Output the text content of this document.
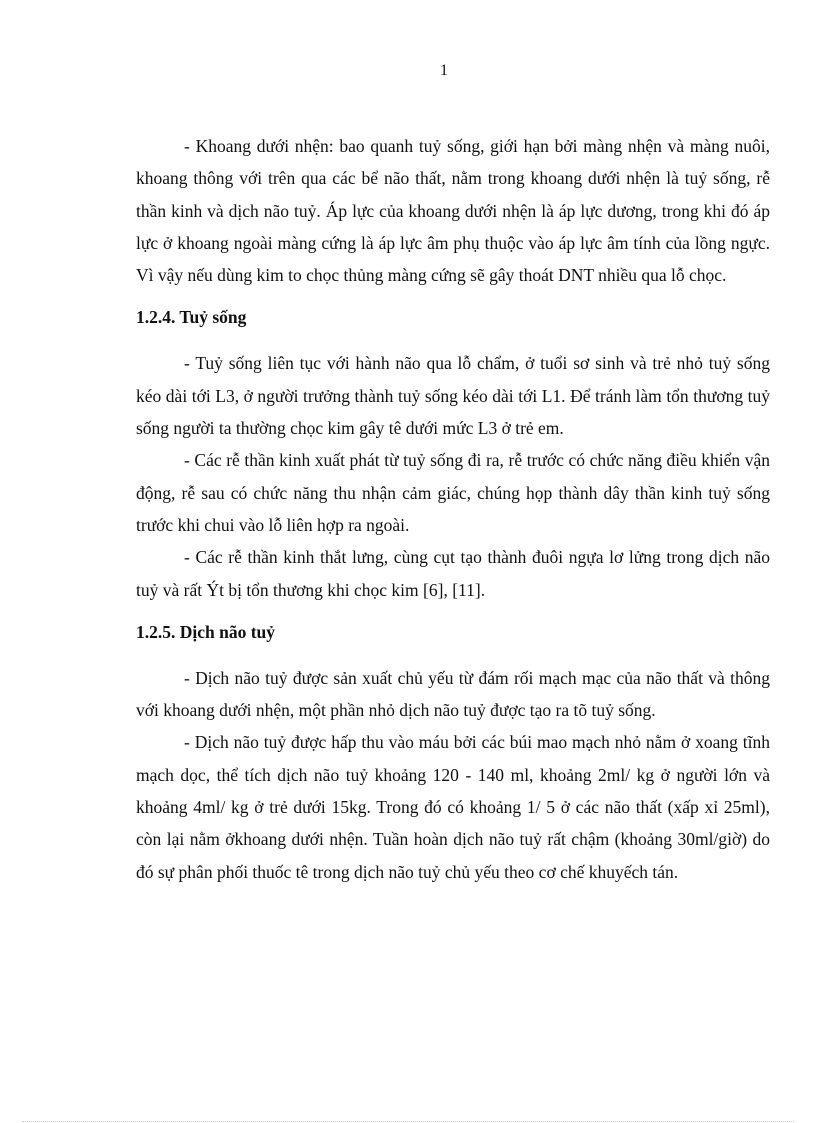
1

- Khoang dưới nhện: bao quanh tuỷ sống, giới hạn bởi màng nhện và màng nuôi, khoang thông với trên qua các bể não thất, nằm trong khoang dưới nhện là tuỷ sống, rễ thần kinh và dịch não tuỷ. Áp lực của khoang dưới nhện là áp lực dương, trong khi đó áp lực ở khoang ngoài màng cứng là áp lực âm phụ thuộc vào áp lực âm tính của lồng ngực. Vì vậy nếu dùng kim to chọc thủng màng cứng sẽ gây thoát DNT nhiều qua lỗ chọc.

1.2.4. Tuỷ sống

- Tuỷ sống liên tục với hành não qua lỗ chẩm, ở tuổi sơ sinh và trẻ nhỏ tuỷ sống kéo dài tới L3, ở người trưởng thành tuỷ sống kéo dài tới L1. Để tránh làm tổn thương tuỷ sống người ta thường chọc kim gây tê dưới mức L3 ở trẻ em.

- Các rễ thần kinh xuất phát từ tuỷ sống đi ra, rễ trước có chức năng điều khiển vận động, rễ sau có chức năng thu nhận cảm giác, chúng họp thành dây thần kinh tuỷ sống trước khi chui vào lỗ liên hợp ra ngoài.

- Các rễ thần kinh thắt lưng, cùng cụt tạo thành đuôi ngựa lơ lửng trong dịch não tuỷ và rất Ýt bị tổn thương khi chọc kim [6], [11].

1.2.5. Dịch não tuỷ

- Dịch não tuỷ được sản xuất chủ yếu từ đám rối mạch mạc của não thất và thông với khoang dưới nhện, một phần nhỏ dịch não tuỷ được tạo ra tõ tuỷ sống.

- Dịch não tuỷ được hấp thu vào máu bởi các búi mao mạch nhỏ nằm ở xoang tĩnh mạch dọc, thể tích dịch não tuỷ khoảng 120 - 140 ml, khoảng 2ml/ kg ở người lớn và khoảng 4ml/ kg ở trẻ dưới 15kg. Trong đó có khoảng 1/ 5 ở các não thất (xấp xỉ 25ml), còn lại nằm ởkhoang dưới nhện. Tuần hoàn dịch não tuỷ rất chậm (khoảng 30ml/giờ) do đó sự phân phối thuốc tê trong dịch não tuỷ chủ yếu theo cơ chế khuyếch tán.
